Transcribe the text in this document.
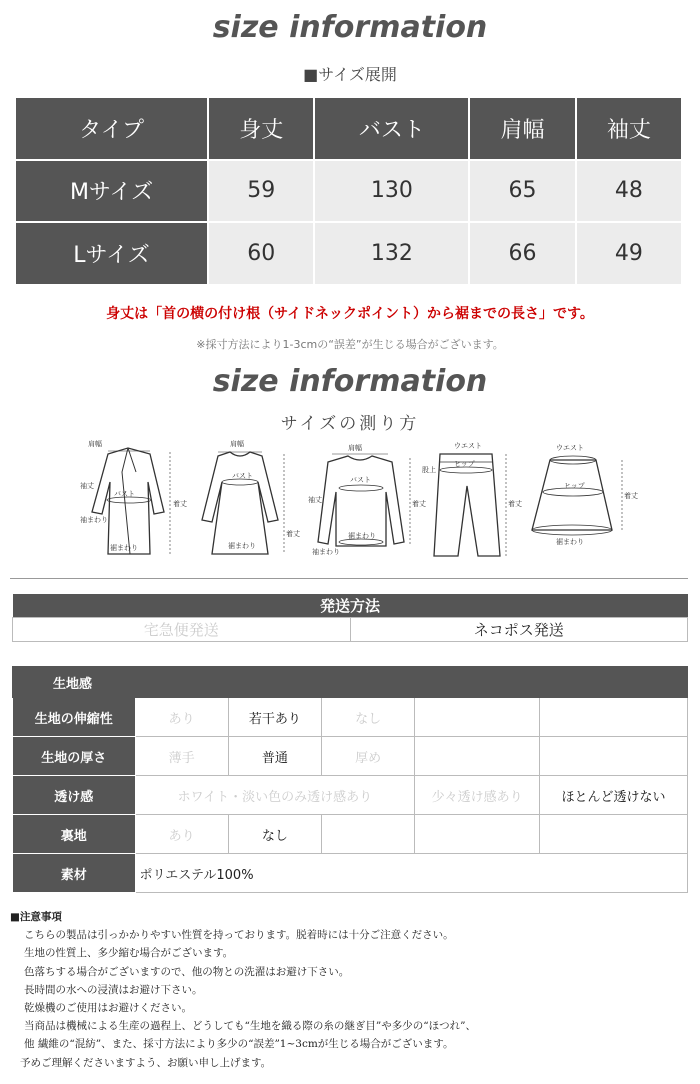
size information
■サイズ展開
タイプ	身丈	バスト	肩幅	袖丈
Mサイズ	59	130	65	48
Lサイズ	60	132	66	49
身丈は「首の横の付け根（サイドネックポイント）から裾までの長さ」です。
※採寸方法により1-3cmの“誤差”が生じる場合がございます。
size information
サイズの測り方
肩幅
袖丈
バスト
着丈
袖まわり
裾まわり
肩幅
バスト
着丈
裾まわり
肩幅
バスト
袖丈	着丈
袖まわり
裾まわり
ウエスト
ヒップ
股上
着丈
ウエスト
ヒップ
着丈
裾まわり
発送方法
宅急便発送	ネコポス発送
生地感					
生地の伸縮性	あり	若干あり	なし		
生地の厚さ	薄手	普通	厚め		
透け感	ホワイト・淡い色のみ透け感あり			少々透け感あり	ほとんど透けない
裏地	あり	なし			
素材	ポリエステル100%				
■注意事項
こちらの製品は引っかかりやすい性質を持っております。脱着時には十分ご注意ください。
生地の性質上、多少縮む場合がございます。
色落ちする場合がございますので、他の物との洗濯はお避け下さい。
長時間の水への浸漬はお避け下さい。
乾燥機のご使用はお避けください。
当商品は機械による生産の過程上、どうしても“生地を織る際の糸の継ぎ目”や多少の“ほつれ”、
他 繊維の“混紡”、また、採寸方法により多少の“誤差”1~3cmが生じる場合がございます。
予めご理解くださいますよう、お願い申し上げます。
